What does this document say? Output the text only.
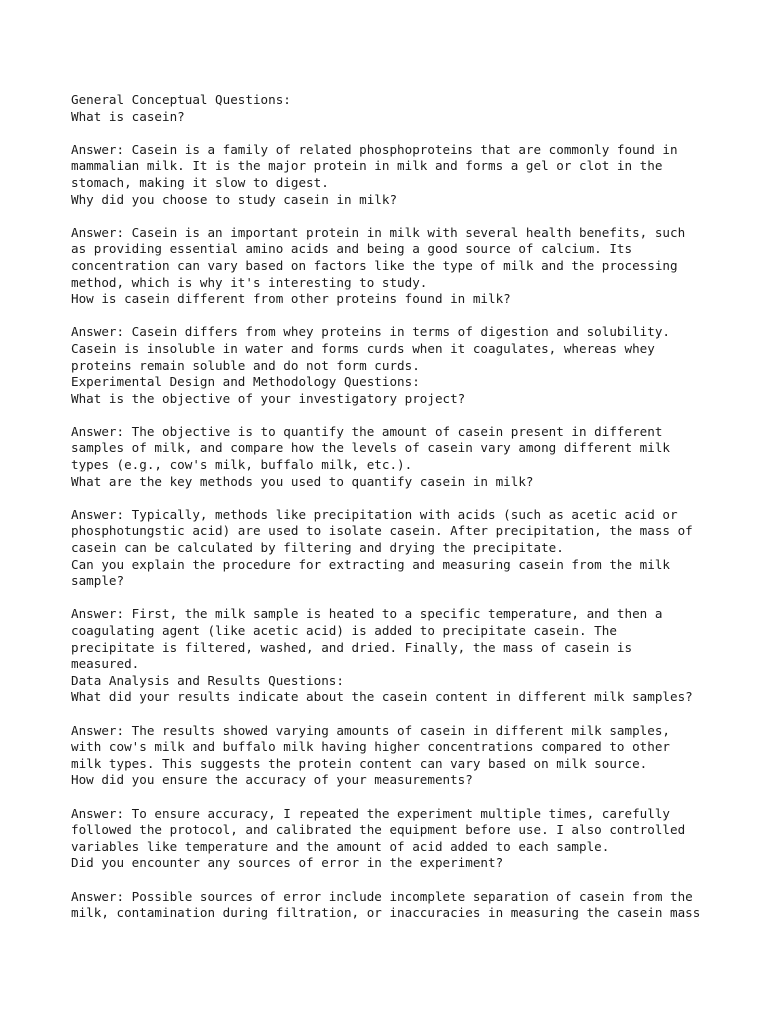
General Conceptual Questions:
What is casein?
Answer: Casein is a family of related phosphoproteins that are commonly found in
mammalian milk. It is the major protein in milk and forms a gel or clot in the
stomach, making it slow to digest.
Why did you choose to study casein in milk?
Answer: Casein is an important protein in milk with several health benefits, such
as providing essential amino acids and being a good source of calcium. Its
concentration can vary based on factors like the type of milk and the processing
method, which is why it's interesting to study.
How is casein different from other proteins found in milk?
Answer: Casein differs from whey proteins in terms of digestion and solubility.
Casein is insoluble in water and forms curds when it coagulates, whereas whey
proteins remain soluble and do not form curds.
Experimental Design and Methodology Questions:
What is the objective of your investigatory project?
Answer: The objective is to quantify the amount of casein present in different
samples of milk, and compare how the levels of casein vary among different milk
types (e.g., cow's milk, buffalo milk, etc.).
What are the key methods you used to quantify casein in milk?
Answer: Typically, methods like precipitation with acids (such as acetic acid or
phosphotungstic acid) are used to isolate casein. After precipitation, the mass of
casein can be calculated by filtering and drying the precipitate.
Can you explain the procedure for extracting and measuring casein from the milk
sample?
Answer: First, the milk sample is heated to a specific temperature, and then a
coagulating agent (like acetic acid) is added to precipitate casein. The
precipitate is filtered, washed, and dried. Finally, the mass of casein is
measured.
Data Analysis and Results Questions:
What did your results indicate about the casein content in different milk samples?
Answer: The results showed varying amounts of casein in different milk samples,
with cow's milk and buffalo milk having higher concentrations compared to other
milk types. This suggests the protein content can vary based on milk source.
How did you ensure the accuracy of your measurements?
Answer: To ensure accuracy, I repeated the experiment multiple times, carefully
followed the protocol, and calibrated the equipment before use. I also controlled
variables like temperature and the amount of acid added to each sample.
Did you encounter any sources of error in the experiment?
Answer: Possible sources of error include incomplete separation of casein from the
milk, contamination during filtration, or inaccuracies in measuring the casein mass
